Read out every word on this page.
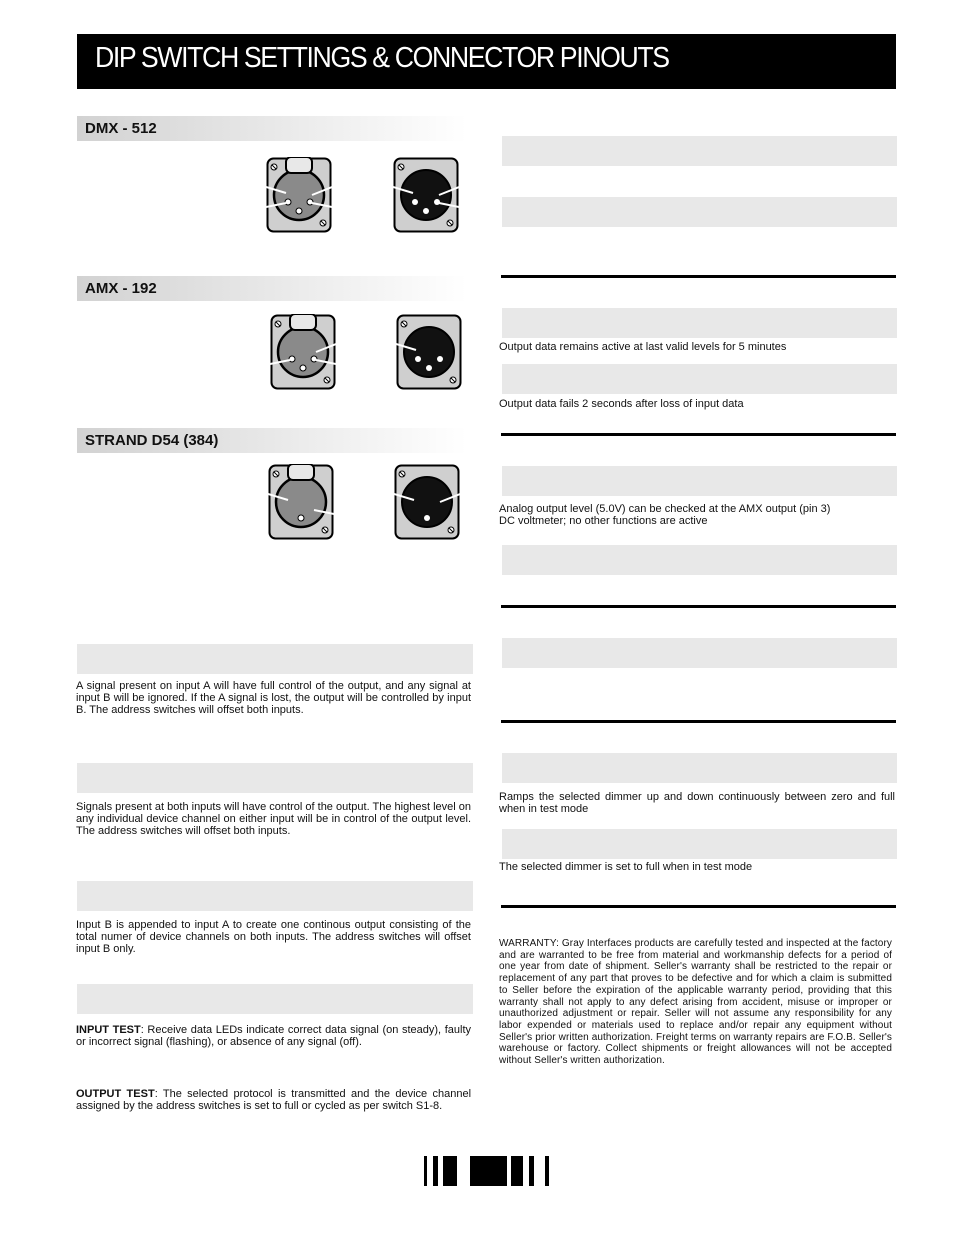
DIP SWITCH SETTINGS & CONNECTOR PINOUTS
DMX - 512
AMX - 192
STRAND D54 (384)
A signal present on input A will have full control of the output, and any signal at input B will be ignored. If the A signal is lost, the output will be controlled by input B. The address switches will offset both inputs.
Signals present at both inputs will have control of the output. The highest level on any individual device channel on either input will be in control of the output level. The address switches will offset both inputs.
Input B is appended to input A to create one continous output consisting of the total numer of device channels on both inputs. The address switches will offset input B only.
INPUT TEST: Receive data LEDs indicate correct data signal (on steady), faulty or incorrect signal (flashing), or absence of any signal (off).
OUTPUT TEST: The selected protocol is transmitted and the device channel assigned by the address switches is set to full or cycled as per switch S1-8.
Output data remains active at last valid levels for 5 minutes
Output data fails 2 seconds after loss of input data
Analog output level (5.0V) can be checked at the AMX output (pin 3)
DC voltmeter; no other functions are active
Ramps the selected dimmer up and down continuously between zero and full when in test mode
The selected dimmer is set to full when in test mode
WARRANTY: Gray Interfaces products are carefully tested and inspected at the factory and are warranted to be free from material and workmanship defects for a period of one year from date of shipment. Seller's warranty shall be restricted to the repair or replacement of any part that proves to be defective and for which a claim is submitted to Seller before the expiration of the applicable warranty period, providing that this warranty shall not apply to any defect arising from accident, misuse or improper or unauthorized adjustment or repair. Seller will not assume any responsibility for any labor expended or materials used to replace and/or repair any equipment without Seller's prior written authorization. Freight terms on warranty repairs are F.O.B. Seller's warehouse or factory. Collect shipments or freight allowances will not be accepted without Seller's written authorization.
